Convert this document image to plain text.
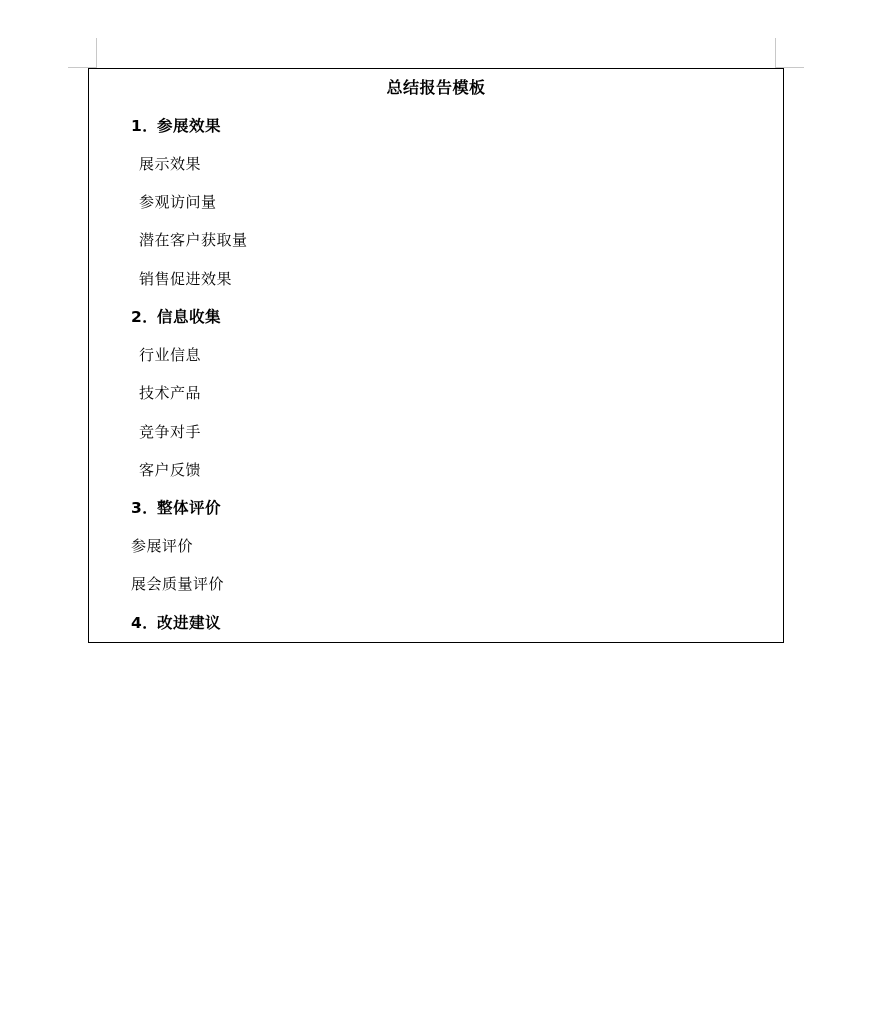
总结报告模板
1．参展效果
展示效果
参观访问量
潜在客户获取量
销售促进效果
2．信息收集
行业信息
技术产品
竞争对手
客户反馈
3．整体评价
参展评价
展会质量评价
4．改进建议
